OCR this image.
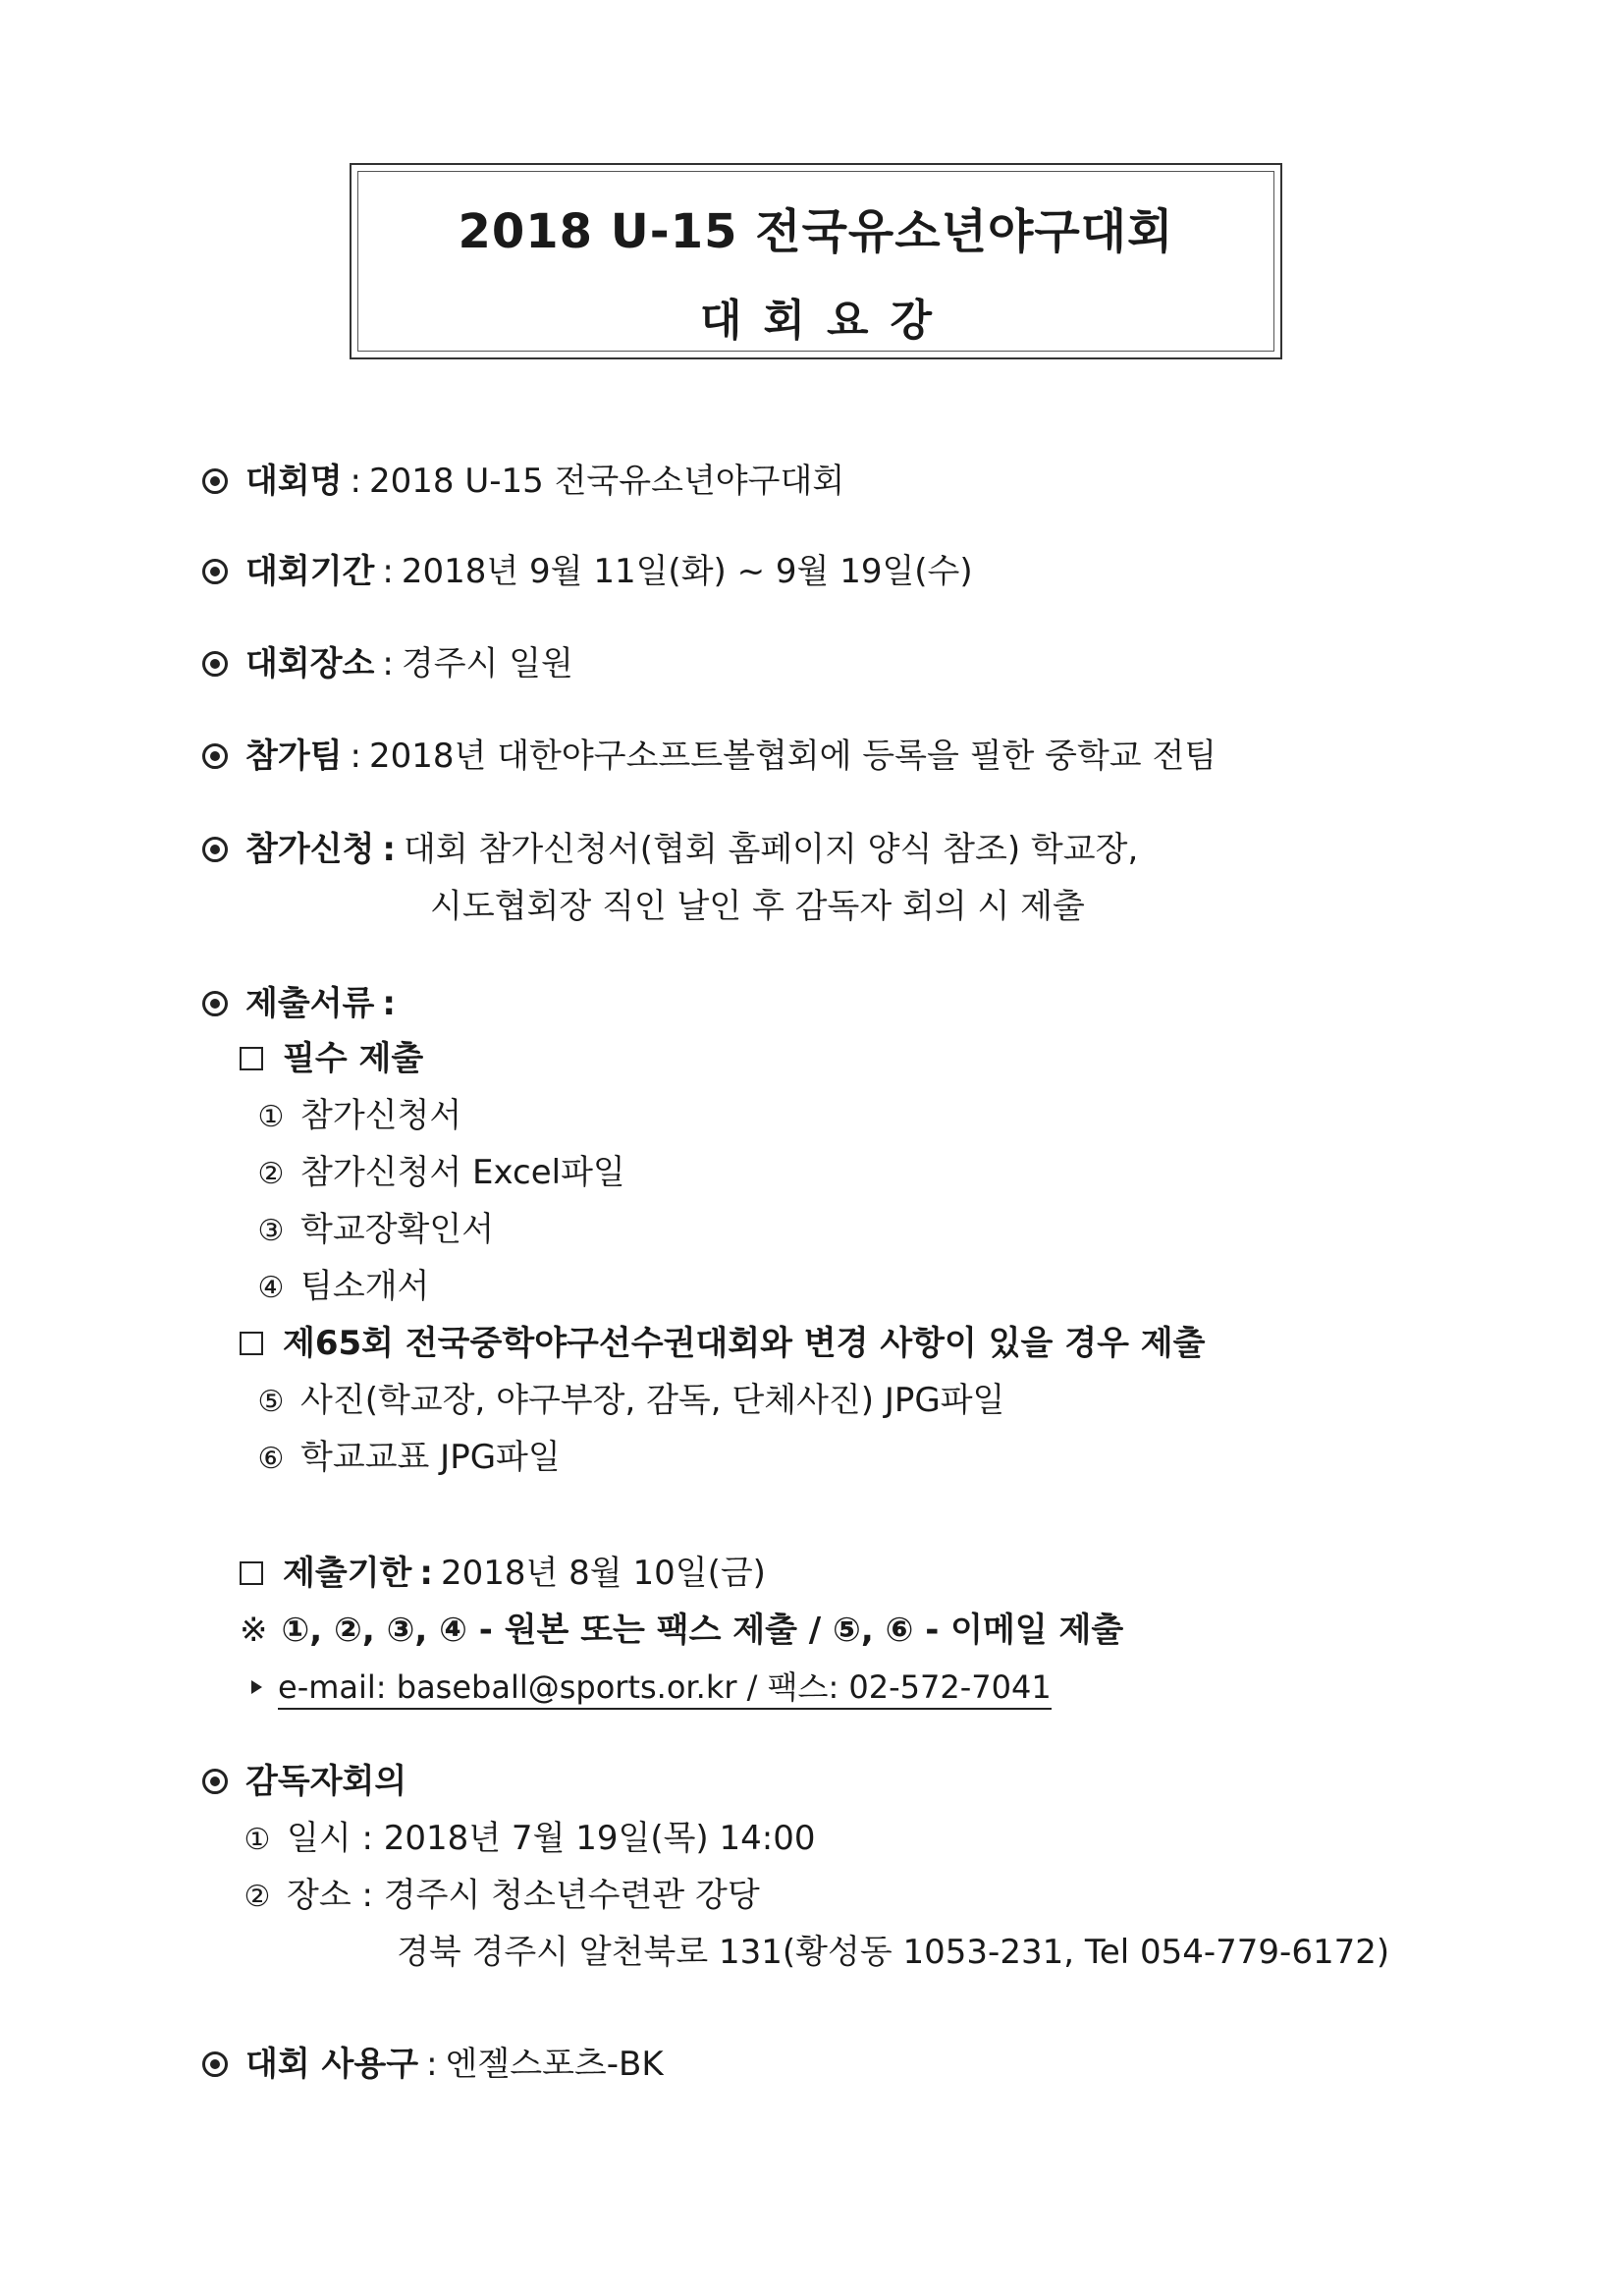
2018 U-15 전국유소년야구대회
대회요강
대회명 : 2018 U-15 전국유소년야구대회
대회기간 : 2018년 9월 11일(화) ~ 9월 19일(수)
대회장소 : 경주시 일원
참가팀 : 2018년 대한야구소프트볼협회에 등록을 필한 중학교 전팀
참가신청 : 대회 참가신청서(협회 홈페이지 양식 참조) 학교장,
시도협회장 직인 날인 후 감독자 회의 시 제출
제출서류 :
필수 제출
① 참가신청서
② 참가신청서 Excel파일
③ 학교장확인서
④ 팀소개서
제65회 전국중학야구선수권대회와 변경 사항이 있을 경우 제출
⑤ 사진(학교장, 야구부장, 감독, 단체사진) JPG파일
⑥ 학교교표 JPG파일
제출기한 : 2018년 8월 10일(금)
※ ①, ②, ③, ④ - 원본 또는 팩스 제출 / ⑤, ⑥ - 이메일 제출
e-mail: baseball@sports.or.kr / 팩스: 02-572-7041
감독자회의
① 일시 : 2018년 7월 19일(목) 14:00
② 장소 : 경주시 청소년수련관 강당
경북 경주시 알천북로 131(황성동 1053-231, Tel 054-779-6172)
대회 사용구 : 엔젤스포츠-BK
